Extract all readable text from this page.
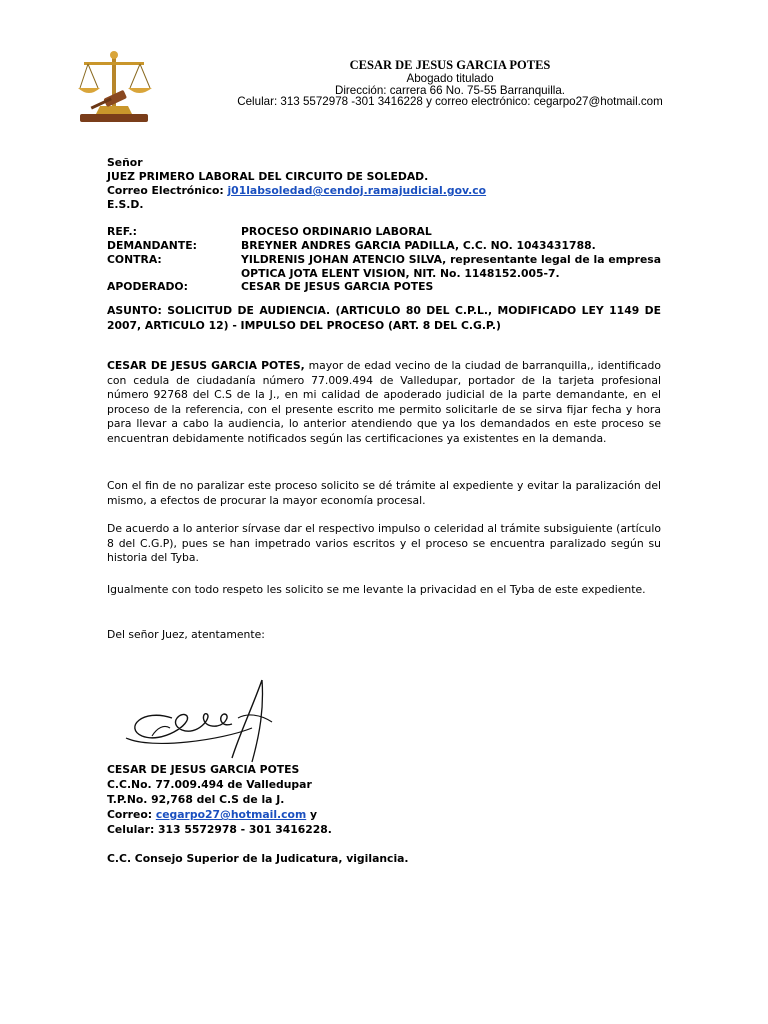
CESAR DE JESUS GARCIA POTES
Abogado titulado
Dirección: carrera 66 No. 75-55 Barranquilla.
Celular: 313 5572978 -301 3416228 y correo electrónico: cegarpo27@hotmail.com
Señor
JUEZ PRIMERO LABORAL DEL CIRCUITO DE SOLEDAD.
Correo Electrónico: j01labsoledad@cendoj.ramajudicial.gov.co
E.S.D.
REF.:	PROCESO ORDINARIO LABORAL
DEMANDANTE:	BREYNER ANDRES GARCIA PADILLA, C.C. NO. 1043431788.
CONTRA:	YILDRENIS JOHAN ATENCIO SILVA, representante legal de la empresa OPTICA JOTA ELENT VISION, NIT. No. 1148152.005-7.
APODERADO:	CESAR DE JESUS GARCIA POTES
ASUNTO: SOLICITUD DE AUDIENCIA. (ARTICULO 80 DEL C.P.L., MODIFICADO LEY 1149 DE 2007, ARTICULO 12) - IMPULSO DEL PROCESO (ART. 8 DEL C.G.P.)
CESAR DE JESUS GARCIA POTES, mayor de edad vecino de la ciudad de barranquilla,, identificado con cedula de ciudadanía número 77.009.494 de Valledupar, portador de la tarjeta profesional número 92768 del C.S de la J., en mi calidad de apoderado judicial de la parte demandante, en el proceso de la referencia, con el presente escrito me permito solicitarle de se sirva fijar fecha y hora para llevar a cabo la audiencia, lo anterior atendiendo que ya los demandados en este proceso se encuentran debidamente notificados según las certificaciones ya existentes en la demanda.
Con el fin de no paralizar este proceso solicito se dé trámite al expediente y evitar la paralización del mismo, a efectos de procurar la mayor economía procesal.
De acuerdo a lo anterior sírvase dar el respectivo impulso o celeridad al trámite subsiguiente (artículo 8 del C.G.P), pues se han impetrado varios escritos y el proceso se encuentra paralizado según su historia del Tyba.
Igualmente con todo respeto les solicito se me levante la privacidad en el Tyba de este expediente.
Del señor Juez, atentamente:
CESAR DE JESUS GARCIA POTES
C.C.No. 77.009.494 de Valledupar
T.P.No. 92,768 del C.S de la J.
Correo: cegarpo27@hotmail.com y
Celular: 313 5572978 - 301 3416228.
C.C. Consejo Superior de la Judicatura, vigilancia.
